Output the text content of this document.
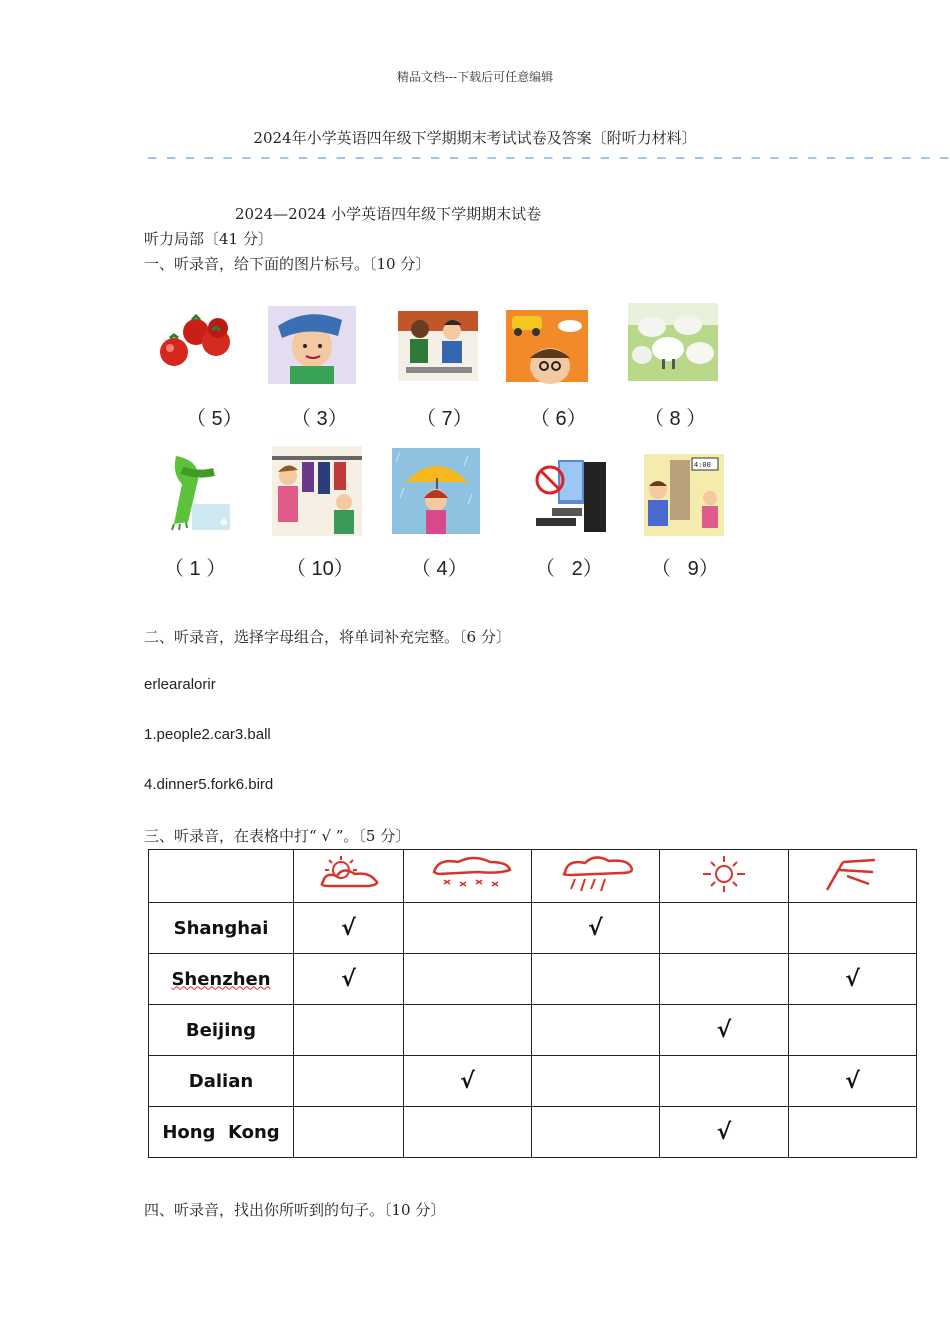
精品文档---下载后可任意编辑
2024年小学英语四年级下学期期末考试试卷及答案〔附听力材料〕
— — — — — — — — — — — — — — — — — — — — — — — — — — — — — — — — — — — — — — — — — — —
2024—2024 小学英语四年级下学期期末试卷
听力局部〔41 分〕
一、听录音，给下面的图片标号。〔10 分〕
（ 5） （ 3）	（ 7）	（ 6）	（ 8 ）
4:00
（ 1 ）	（ 10）	（ 4）	（   2） （   9）
二、听录音，选择字母组合，将单词补充完整。〔6 分〕
erlearalorir
1.people2.car3.ball
4.dinner5.fork6.bird
三、听录音，在表格中打“ √ ”。〔5 分〕

Shanghai	√		√		
Shenzhen	√				√
Beijing				√	
Dalian		√			√
Hong  Kong				√	
四、听录音，找出你所听到的句子。〔10 分〕
